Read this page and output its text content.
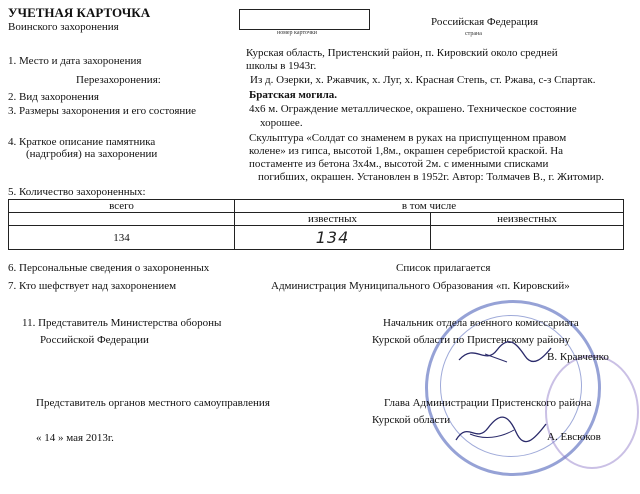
УЧЕТНАЯ КАРТОЧКА
Воинского захоронения	номер карточки
Российская Федерация
страна
1. Место и дата захоронения
Курская область, Пристенский район, п. Кировский около средней
школы в 1943г.
Перезахоронения:	Из д. Озерки, х. Ржавчик, х. Луг, х. Красная Степь, ст. Ржава, с-з Спартак.
2. Вид захоронения	Братская могила.
3. Размеры захоронения и его состояние	4х6 м. Ограждение металлическое, окрашено. Техническое состояние
хорошее.
4. Краткое описание памятника
(надгробия) на захоронении
Скульптура «Солдат со знаменем в руках на приспущенном правом
колене» из гипса, высотой 1,8м., окрашен серебристой краской. На
постаменте из бетона 3х4м., высотой 2м. с именными списками
погибших, окрашен. Установлен в 1952г. Автор: Толмачев В., г. Житомир.
5. Количество захороненных:
всего	в том числе	
	известных	неизвестных
134	134	
6. Персональные сведения о захороненных	Список прилагается
7. Кто шефствует над захоронением	Администрация Муниципального Образования «п. Кировский»
11. Представитель Министерства обороны
Российской Федерации
Начальник отдела военного комиссариата
Курской области по Пристенскому району
В. Кравченко
Представитель органов местного самоуправления	Глава Администрации Пристенского района
Курской области
А. Евсюков
« 14 » мая 2013г.
